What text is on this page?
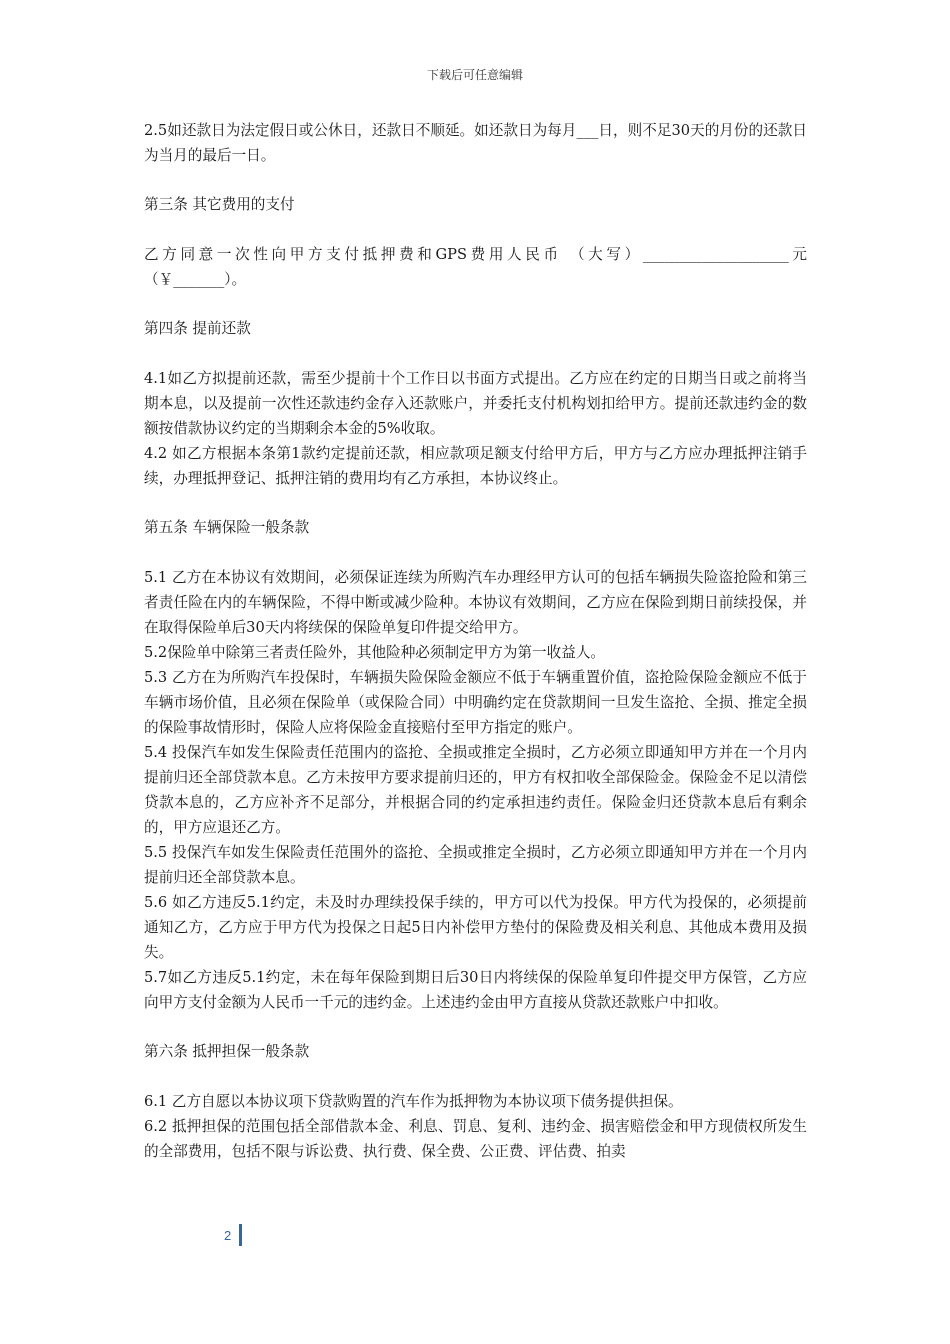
下载后可任意编辑

2.5如还款日为法定假日或公休日，还款日不顺延。如还款日为每月___日，则不足30天的月份的还款日为当月的最后一日。

第三条 其它费用的支付

乙方同意一次性向甲方支付抵押费和GPS费用人民币 （大写）____________________元（￥_______）。

第四条 提前还款

4.1如乙方拟提前还款，需至少提前十个工作日以书面方式提出。乙方应在约定的日期当日或之前将当期本息，以及提前一次性还款违约金存入还款账户，并委托支付机构划扣给甲方。提前还款违约金的数额按借款协议约定的当期剩余本金的5%收取。

4.2 如乙方根据本条第1款约定提前还款，相应款项足额支付给甲方后，甲方与乙方应办理抵押注销手续，办理抵押登记、抵押注销的费用均有乙方承担，本协议终止。

第五条 车辆保险一般条款

5.1 乙方在本协议有效期间，必须保证连续为所购汽车办理经甲方认可的包括车辆损失险盗抢险和第三者责任险在内的车辆保险，不得中断或减少险种。本协议有效期间，乙方应在保险到期日前续投保，并在取得保险单后30天内将续保的保险单复印件提交给甲方。

5.2保险单中除第三者责任险外，其他险种必须制定甲方为第一收益人。

5.3 乙方在为所购汽车投保时，车辆损失险保险金额应不低于车辆重置价值，盗抢险保险金额应不低于车辆市场价值，且必须在保险单（或保险合同）中明确约定在贷款期间一旦发生盗抢、全损、推定全损的保险事故情形时，保险人应将保险金直接赔付至甲方指定的账户。

5.4 投保汽车如发生保险责任范围内的盗抢、全损或推定全损时，乙方必须立即通知甲方并在一个月内提前归还全部贷款本息。乙方未按甲方要求提前归还的，甲方有权扣收全部保险金。保险金不足以清偿贷款本息的，乙方应补齐不足部分，并根据合同的约定承担违约责任。保险金归还贷款本息后有剩余的，甲方应退还乙方。

5.5 投保汽车如发生保险责任范围外的盗抢、全损或推定全损时，乙方必须立即通知甲方并在一个月内提前归还全部贷款本息。

5.6 如乙方违反5.1约定，未及时办理续投保手续的，甲方可以代为投保。甲方代为投保的，必须提前通知乙方，乙方应于甲方代为投保之日起5日内补偿甲方垫付的保险费及相关利息、其他成本费用及损失。

5.7如乙方违反5.1约定，未在每年保险到期日后30日内将续保的保险单复印件提交甲方保管，乙方应向甲方支付金额为人民币一千元的违约金。上述违约金由甲方直接从贷款还款账户中扣收。

第六条 抵押担保一般条款

6.1 乙方自愿以本协议项下贷款购置的汽车作为抵押物为本协议项下债务提供担保。

6.2 抵押担保的范围包括全部借款本金、利息、罚息、复利、违约金、损害赔偿金和甲方现债权所发生的全部费用，包括不限与诉讼费、执行费、保全费、公正费、评估费、拍卖

2
